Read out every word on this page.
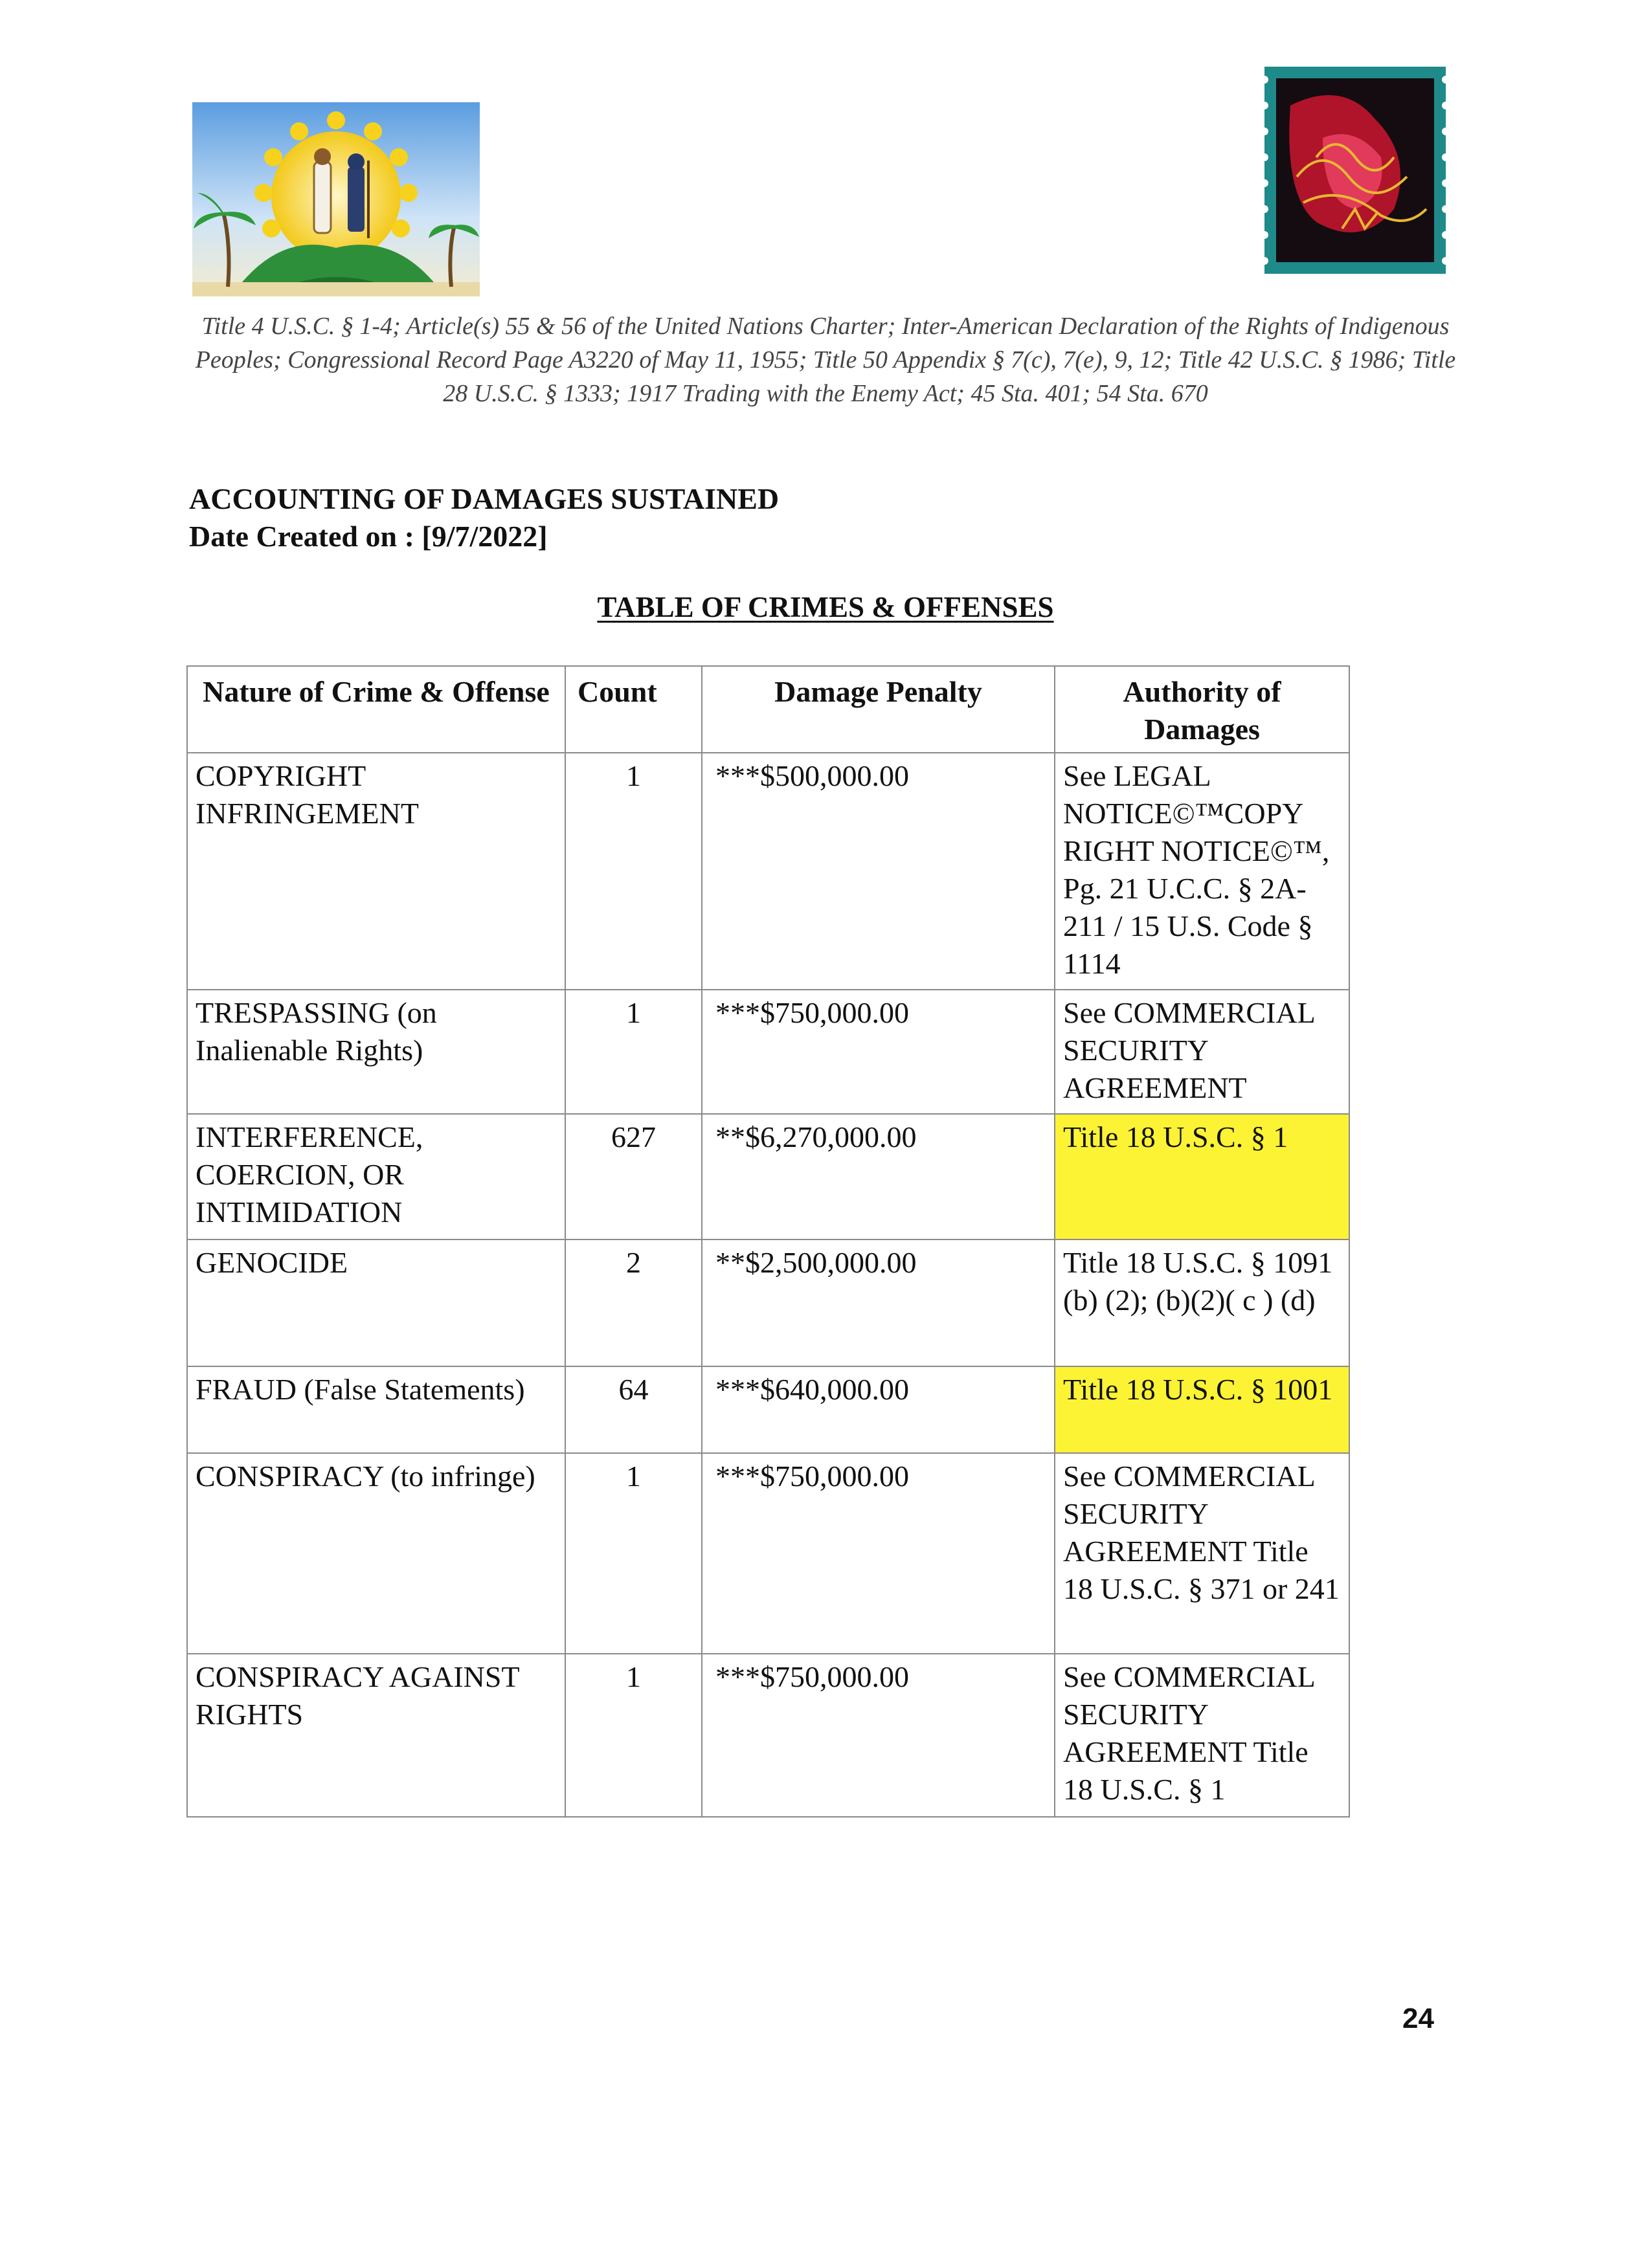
Title 4 U.S.C. § 1-4; Article(s) 55 & 56 of the United Nations Charter; Inter-American Declaration of the Rights of Indigenous Peoples; Congressional Record Page A3220 of May 11, 1955; Title 50 Appendix § 7(c), 7(e), 9, 12; Title 42 U.S.C. § 1986; Title 28 U.S.C. § 1333; 1917 Trading with the Enemy Act; 45 Sta. 401; 54 Sta. 670
ACCOUNTING OF DAMAGES SUSTAINED
Date Created on : [9/7/2022]
TABLE OF CRIMES & OFFENSES
Nature of Crime & Offense	Count	Damage Penalty	Authority of Damages
COPYRIGHT INFRINGEMENT	1	***$500,000.00	See LEGAL NOTICE©™COPY RIGHT NOTICE©™, Pg. 21 U.C.C. § 2A-211 / 15 U.S. Code § 1114
TRESPASSING (on Inalienable Rights)	1	***$750,000.00	See COMMERCIAL SECURITY AGREEMENT
INTERFERENCE, COERCION, OR INTIMIDATION	627	**$6,270,000.00	Title 18 U.S.C. § 1
GENOCIDE	2	**$2,500,000.00	Title 18 U.S.C. § 1091 (b) (2); (b)(2)( c ) (d)
FRAUD (False Statements)	64	***$640,000.00	Title 18 U.S.C. § 1001
CONSPIRACY (to infringe)	1	***$750,000.00	See COMMERCIAL SECURITY AGREEMENT Title 18 U.S.C. § 371 or 241
CONSPIRACY AGAINST RIGHTS	1	***$750,000.00	See COMMERCIAL SECURITY AGREEMENT Title 18 U.S.C. § 1
24
